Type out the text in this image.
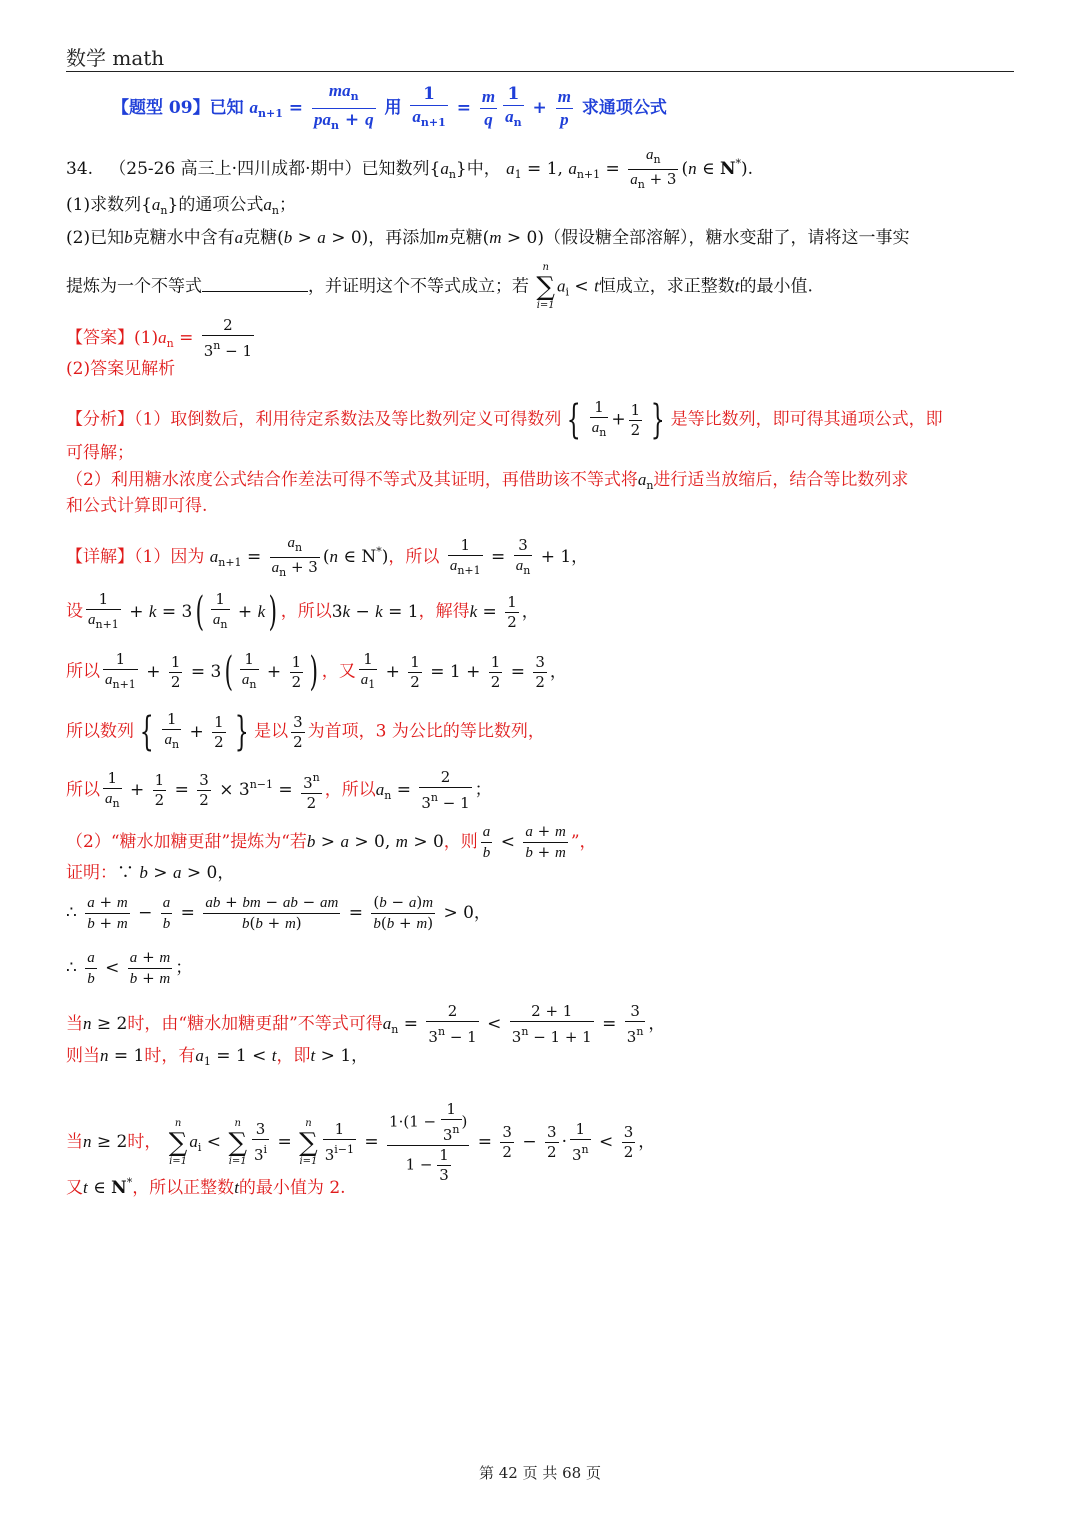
数学 math
【题型 09】已知 $a_{n+1} = \frac{ma_n}{pa_n + q}$ 用 $\frac{1}{a_{n+1}} = \frac{m}{q} \frac{1}{a_n} + \frac{m}{p}$ 求通项公式
34. （25-26 高三上·四川成都·期中）已知数列$\{a_n\}$中， $a_1 = 1$, $a_{n+1} = \frac{a_n}{a_n + 3} (n$ ∈ N*).
(1)求数列$\{a_n\}$的通项公式$a_n$；
(2)已知b克糖水中含有a克糖(b > a > 0)，再添加m克糖(m > 0)（假设糖全部溶解），糖水变甜了，请将这一事实
提炼为一个不等式	，并证明这个不等式成立；若
n
∑
i=1
$a_i < t$恒成立，求正整数t的最小值.
【答案】$(1)a_n = \frac{2}{3^n - 1}$
(2)答案见解析
【分析】（1）取倒数后，利用待定系数法及等比数列定义可得数列 { $\frac{1}{a_n} + \frac{1}{2}$ } 是等比数列，即可得其通项公式，即
可得解；
（2）利用糖水浓度公式结合作差法可得不等式及其证明，再借助该不等式将$a_n$进行适当放缩后，结合等比数列求
和公式计算即可得.
【详解】（1）因为 $a_{n+1} = \frac{a_n}{a_n + 3} (n$ ∈ N*)，所以 $\frac{1}{a_{n+1}} = \frac{3}{a_n} + 1$，
设 $\frac{1}{a_{n+1}} + k = 3( \frac{1}{a_n} + k)$ ，所以3k − k = 1，解得$k = \frac{1}{2}$ ，
所以 $\frac{1}{a_{n+1}} + \frac{1}{2} = 3( \frac{1}{a_n} + \frac{1}{2}$ ) ，又 $\frac{1}{a_1} + \frac{1}{2} = 1 + \frac{1}{2} = \frac{3}{2}$ ，
所以数列 { $\frac{1}{a_n} + \frac{1}{2}$ } 是以 $\frac{3}{2}$ 为首项，3 为公比的等比数列，
所以 $\frac{1}{a_n} + \frac{1}{2} = \frac{3}{2} \times 3^{n-1} = \frac{3^n}{2}$ ，所以$a_n = \frac{2}{3^n - 1}$ ；
（2）“糖水加糖更甜”提炼为“若b > a > 0, m > 0，则 $\frac{a}{b} < \frac{a + m}{b + m}$ ”，
证明：∵ b > a > 0，
∴ $\frac{a + m}{b + m} - \frac{a}{b} = \frac{ab + bm - ab - am}{b(b + m)} = \frac{(b - a)m}{b(b + m)} > 0$，
∴ $\frac{a}{b} < \frac{a + m}{b + m}$ ；
当n ≥ 2时，由“糖水加糖更甜”不等式可得$a_n = \frac{2}{3^n - 1} < \frac{2 + 1}{3^n - 1 + 1} = \frac{3}{3^n}$ ，
则当n = 1时，有$a_1 = 1 < t$，即t > 1，
当n ≥ 2时，
n
∑
i=1
$a_i$ <
n
∑
$i=1 \frac{3}{3^i}$ =
n
∑
$i=1 \frac{1}{3^{i-1}} = \frac{1\cdot(1 - \frac{1}{3^n} )}{1 - \frac{1}{3}} = \frac{3}{2} - \frac{3}{2} \cdot \frac{1}{3^n} < \frac{3}{2}$ ，
又t ∈ N*，所以正整数t的最小值为 2.
第 42 页 共 68 页
